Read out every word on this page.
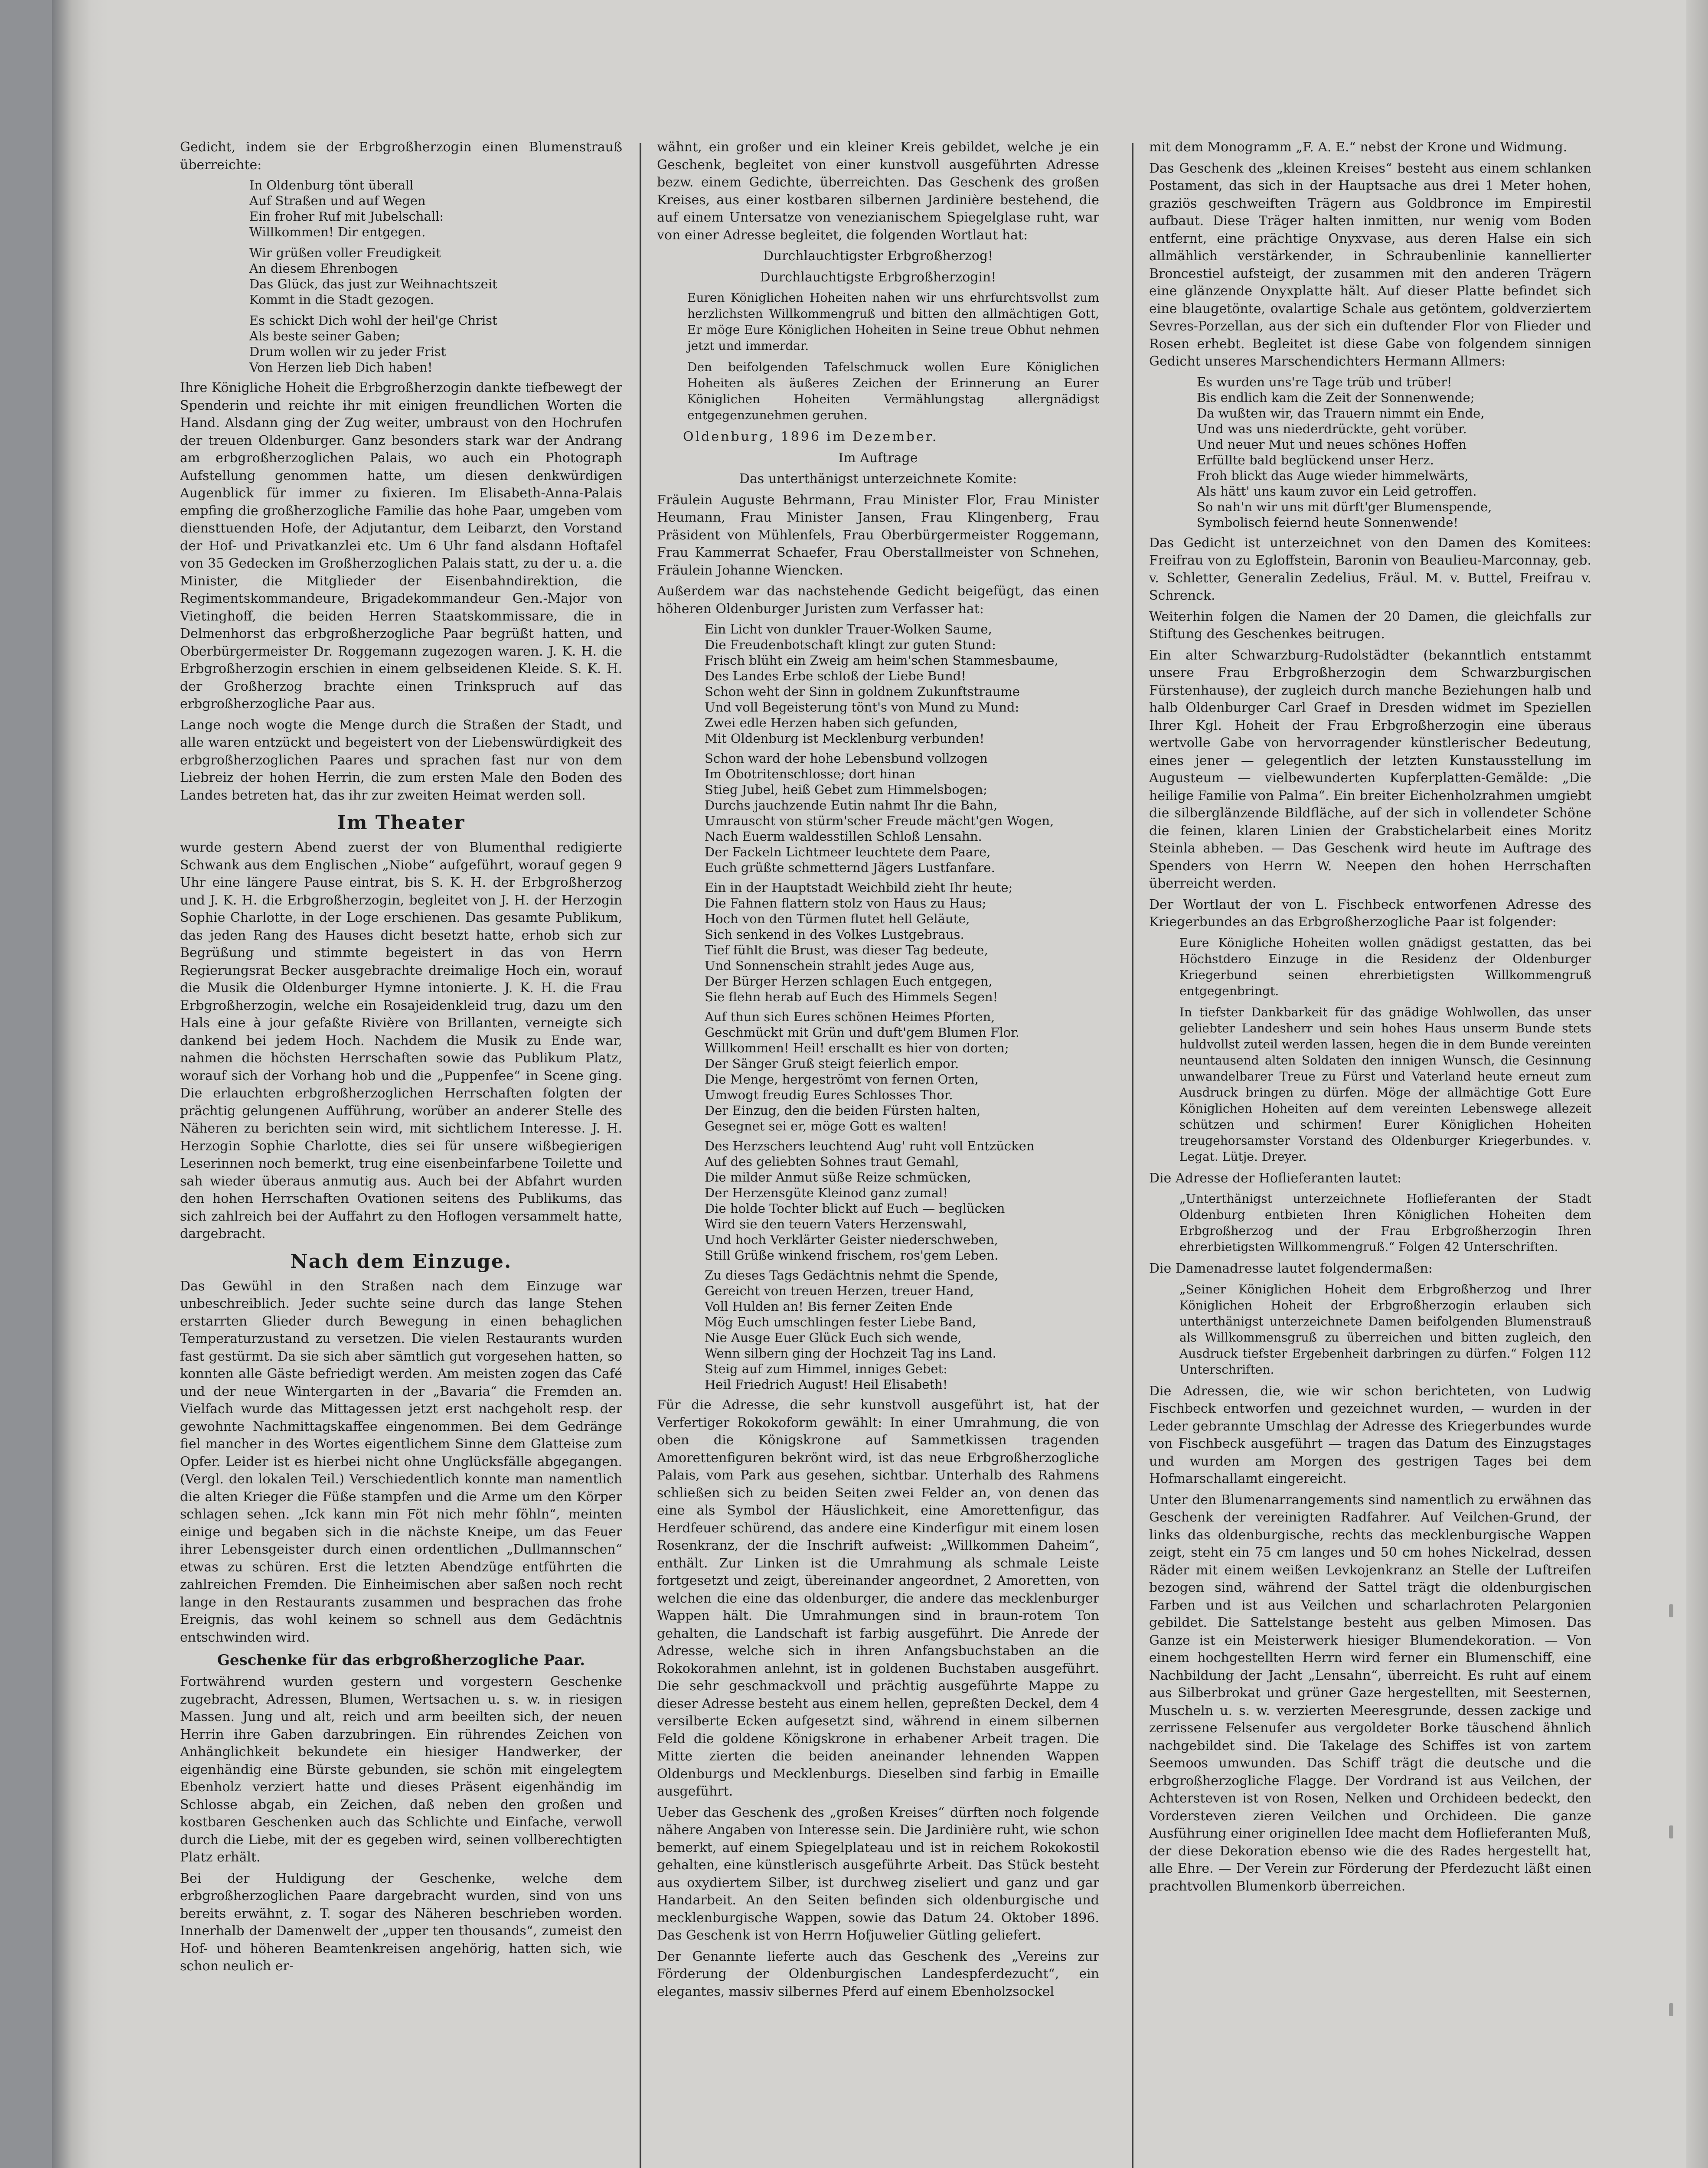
Gedicht, indem sie der Erbgroßherzogin einen Blumenstrauß überreichte:

In Oldenburg tönt überall
Auf Straßen und auf Wegen
Ein froher Ruf mit Jubelschall:
Willkommen! Dir entgegen.
Wir grüßen voller Freudigkeit
An diesem Ehrenbogen
Das Glück, das just zur Weihnachtszeit
Kommt in die Stadt gezogen.
Es schickt Dich wohl der heil'ge Christ
Als beste seiner Gaben;
Drum wollen wir zu jeder Frist
Von Herzen lieb Dich haben!

Ihre Königliche Hoheit die Erbgroßherzogin dankte tiefbewegt der Spenderin und reichte ihr mit einigen freundlichen Worten die Hand. Alsdann ging der Zug weiter, umbraust von den Hochrufen der treuen Oldenburger. Ganz besonders stark war der Andrang am erbgroßherzoglichen Palais, wo auch ein Photograph Aufstellung genommen hatte, um diesen denkwürdigen Augenblick für immer zu fixieren. Im Elisabeth-Anna-Palais empfing die großherzogliche Familie das hohe Paar, umgeben vom diensttuenden Hofe, der Adjutantur, dem Leibarzt, den Vorstand der Hof- und Privatkanzlei etc. Um 6 Uhr fand alsdann Hoftafel von 35 Gedecken im Großherzoglichen Palais statt, zu der u. a. die Minister, die Mitglieder der Eisenbahndirektion, die Regimentskommandeure, Brigadekommandeur Gen.-Major von Vietinghoff, die beiden Herren Staatskommissare, die in Delmenhorst das erbgroßherzogliche Paar begrüßt hatten, und Oberbürgermeister Dr. Roggemann zugezogen waren. J. K. H. die Erbgroßherzogin erschien in einem gelbseidenen Kleide. S. K. H. der Großherzog brachte einen Trinkspruch auf das erbgroßherzogliche Paar aus.

Lange noch wogte die Menge durch die Straßen der Stadt, und alle waren entzückt und begeistert von der Liebenswürdigkeit des erbgroßherzoglichen Paares und sprachen fast nur von dem Liebreiz der hohen Herrin, die zum ersten Male den Boden des Landes betreten hat, das ihr zur zweiten Heimat werden soll.

Im Theater

wurde gestern Abend zuerst der von Blumenthal redigierte Schwank aus dem Englischen „Niobe“ aufgeführt, worauf gegen 9 Uhr eine längere Pause eintrat, bis S. K. H. der Erbgroßherzog und J. K. H. die Erbgroßherzogin, begleitet von J. H. der Herzogin Sophie Charlotte, in der Loge erschienen. Das gesamte Publikum, das jeden Rang des Hauses dicht besetzt hatte, erhob sich zur Begrüßung und stimmte begeistert in das von Herrn Regierungsrat Becker ausgebrachte dreimalige Hoch ein, worauf die Musik die Oldenburger Hymne intonierte. J. K. H. die Frau Erbgroßherzogin, welche ein Rosajeidenkleid trug, dazu um den Hals eine à jour gefaßte Rivière von Brillanten, verneigte sich dankend bei jedem Hoch. Nachdem die Musik zu Ende war, nahmen die höchsten Herrschaften sowie das Publikum Platz, worauf sich der Vorhang hob und die „Puppenfee“ in Scene ging. Die erlauchten erbgroßherzoglichen Herrschaften folgten der prächtig gelungenen Aufführung, worüber an anderer Stelle des Näheren zu berichten sein wird, mit sichtlichem Interesse. J. H. Herzogin Sophie Charlotte, dies sei für unsere wißbegierigen Leserinnen noch bemerkt, trug eine eisenbeinfarbene Toilette und sah wieder überaus anmutig aus. Auch bei der Abfahrt wurden den hohen Herrschaften Ovationen seitens des Publikums, das sich zahlreich bei der Auffahrt zu den Hoflogen versammelt hatte, dargebracht.

Nach dem Einzuge.

Das Gewühl in den Straßen nach dem Einzuge war unbeschreiblich. Jeder suchte seine durch das lange Stehen erstarrten Glieder durch Bewegung in einen behaglichen Temperaturzustand zu versetzen. Die vielen Restaurants wurden fast gestürmt. Da sie sich aber sämtlich gut vorgesehen hatten, so konnten alle Gäste befriedigt werden. Am meisten zogen das Café und der neue Wintergarten in der „Bavaria“ die Fremden an. Vielfach wurde das Mittagessen jetzt erst nachgeholt resp. der gewohnte Nachmittagskaffee eingenommen. Bei dem Gedränge fiel mancher in des Wortes eigentlichem Sinne dem Glatteise zum Opfer. Leider ist es hierbei nicht ohne Unglücksfälle abgegangen. (Vergl. den lokalen Teil.) Verschiedentlich konnte man namentlich die alten Krieger die Füße stampfen und die Arme um den Körper schlagen sehen. „Ick kann min Föt nich mehr föhln“, meinten einige und begaben sich in die nächste Kneipe, um das Feuer ihrer Lebensgeister durch einen ordentlichen „Dullmannschen“ etwas zu schüren. Erst die letzten Abendzüge entführten die zahlreichen Fremden. Die Einheimischen aber saßen noch recht lange in den Restaurants zusammen und besprachen das frohe Ereignis, das wohl keinem so schnell aus dem Gedächtnis entschwinden wird.

Geschenke für das erbgroßherzogliche Paar.

Fortwährend wurden gestern und vorgestern Geschenke zugebracht, Adressen, Blumen, Wertsachen u. s. w. in riesigen Massen. Jung und alt, reich und arm beeilten sich, der neuen Herrin ihre Gaben darzubringen. Ein rührendes Zeichen von Anhänglichkeit bekundete ein hiesiger Handwerker, der eigenhändig eine Bürste gebunden, sie schön mit eingelegtem Ebenholz verziert hatte und dieses Präsent eigenhändig im Schlosse abgab, ein Zeichen, daß neben den großen und kostbaren Geschenken auch das Schlichte und Einfache, verwoll durch die Liebe, mit der es gegeben wird, seinen vollberechtigten Platz erhält.

Bei der Huldigung der Geschenke, welche dem erbgroßherzoglichen Paare dargebracht wurden, sind von uns bereits erwähnt, z. T. sogar des Näheren beschrieben worden. Innerhalb der Damenwelt der „upper ten thousands“, zumeist den Hof- und höheren Beamtenkreisen angehörig, hatten sich, wie schon neulich er-

wähnt, ein großer und ein kleiner Kreis gebildet, welche je ein Geschenk, begleitet von einer kunstvoll ausgeführten Adresse bezw. einem Gedichte, überreichten. Das Geschenk des großen Kreises, aus einer kostbaren silbernen Jardinière bestehend, die auf einem Untersatze von venezianischem Spiegelglase ruht, war von einer Adresse begleitet, die folgenden Wortlaut hat:

Durchlauchtigster Erbgroßherzog!

Durchlauchtigste Erbgroßherzogin!

Euren Königlichen Hoheiten nahen wir uns ehrfurchtsvollst zum herzlichsten Willkommengruß und bitten den allmächtigen Gott, Er möge Eure Königlichen Hoheiten in Seine treue Obhut nehmen jetzt und immerdar.

Den beifolgenden Tafelschmuck wollen Eure Königlichen Hoheiten als äußeres Zeichen der Erinnerung an Eurer Königlichen Hoheiten Vermählungstag allergnädigst entgegenzunehmen geruhen.

Oldenburg, 1896 im Dezember.

Im Auftrage

Das unterthänigst unterzeichnete Komite:

Fräulein Auguste Behrmann, Frau Minister Flor, Frau Minister Heumann, Frau Minister Jansen, Frau Klingenberg, Frau Präsident von Mühlenfels, Frau Oberbürgermeister Roggemann, Frau Kammerrat Schaefer, Frau Oberstallmeister von Schnehen, Fräulein Johanne Wiencken.

Außerdem war das nachstehende Gedicht beigefügt, das einen höheren Oldenburger Juristen zum Verfasser hat:

Ein Licht von dunkler Trauer-Wolken Saume,
Die Freudenbotschaft klingt zur guten Stund:
Frisch blüht ein Zweig am heim'schen Stammesbaume,
Des Landes Erbe schloß der Liebe Bund!
Schon weht der Sinn in goldnem Zukunftstraume
Und voll Begeisterung tönt's von Mund zu Mund:
Zwei edle Herzen haben sich gefunden,
Mit Oldenburg ist Mecklenburg verbunden!
Schon ward der hohe Lebensbund vollzogen
Im Obotritenschlosse; dort hinan
Stieg Jubel, heiß Gebet zum Himmelsbogen;
Durchs jauchzende Eutin nahmt Ihr die Bahn,
Umrauscht von stürm'scher Freude mächt'gen Wogen,
Nach Euerm waldesstillen Schloß Lensahn.
Der Fackeln Lichtmeer leuchtete dem Paare,
Euch grüßte schmetternd Jägers Lustfanfare.
Ein in der Hauptstadt Weichbild zieht Ihr heute;
Die Fahnen flattern stolz von Haus zu Haus;
Hoch von den Türmen flutet hell Geläute,
Sich senkend in des Volkes Lustgebraus.
Tief fühlt die Brust, was dieser Tag bedeute,
Und Sonnenschein strahlt jedes Auge aus,
Der Bürger Herzen schlagen Euch entgegen,
Sie flehn herab auf Euch des Himmels Segen!
Auf thun sich Eures schönen Heimes Pforten,
Geschmückt mit Grün und duft'gem Blumen Flor.
Willkommen! Heil! erschallt es hier von dorten;
Der Sänger Gruß steigt feierlich empor.
Die Menge, hergeströmt von fernen Orten,
Umwogt freudig Eures Schlosses Thor.
Der Einzug, den die beiden Fürsten halten,
Gesegnet sei er, möge Gott es walten!
Des Herzschers leuchtend Aug' ruht voll Entzücken
Auf des geliebten Sohnes traut Gemahl,
Die milder Anmut süße Reize schmücken,
Der Herzensgüte Kleinod ganz zumal!
Die holde Tochter blickt auf Euch — beglücken
Wird sie den teuern Vaters Herzenswahl,
Und hoch Verklärter Geister niederschweben,
Still Grüße winkend frischem, ros'gem Leben.
Zu dieses Tags Gedächtnis nehmt die Spende,
Gereicht von treuen Herzen, treuer Hand,
Voll Hulden an! Bis ferner Zeiten Ende
Mög Euch umschlingen fester Liebe Band,
Nie Ausge Euer Glück Euch sich wende,
Wenn silbern ging der Hochzeit Tag ins Land.
Steig auf zum Himmel, inniges Gebet:
Heil Friedrich August! Heil Elisabeth!

Für die Adresse, die sehr kunstvoll ausgeführt ist, hat der Verfertiger Rokokoform gewählt: In einer Umrahmung, die von oben die Königskrone auf Sammetkissen tragenden Amorettenfiguren bekrönt wird, ist das neue Erbgroßherzogliche Palais, vom Park aus gesehen, sichtbar. Unterhalb des Rahmens schließen sich zu beiden Seiten zwei Felder an, von denen das eine als Symbol der Häuslichkeit, eine Amorettenfigur, das Herdfeuer schürend, das andere eine Kinderfigur mit einem losen Rosenkranz, der die Inschrift aufweist: „Willkommen Daheim“, enthält. Zur Linken ist die Umrahmung als schmale Leiste fortgesetzt und zeigt, übereinander angeordnet, 2 Amoretten, von welchen die eine das oldenburger, die andere das mecklenburger Wappen hält. Die Umrahmungen sind in braun-rotem Ton gehalten, die Landschaft ist farbig ausgeführt. Die Anrede der Adresse, welche sich in ihren Anfangsbuchstaben an die Rokokorahmen anlehnt, ist in goldenen Buchstaben ausgeführt. Die sehr geschmackvoll und prächtig ausgeführte Mappe zu dieser Adresse besteht aus einem hellen, gepreßten Deckel, dem 4 versilberte Ecken aufgesetzt sind, während in einem silbernen Feld die goldene Königskrone in erhabener Arbeit tragen. Die Mitte zierten die beiden aneinander lehnenden Wappen Oldenburgs und Mecklenburgs. Dieselben sind farbig in Emaille ausgeführt.

Ueber das Geschenk des „großen Kreises“ dürften noch folgende nähere Angaben von Interesse sein. Die Jardinière ruht, wie schon bemerkt, auf einem Spiegelplateau und ist in reichem Rokokostil gehalten, eine künstlerisch ausgeführte Arbeit. Das Stück besteht aus oxydiertem Silber, ist durchweg ziseliert und ganz und gar Handarbeit. An den Seiten befinden sich oldenburgische und mecklenburgische Wappen, sowie das Datum 24. Oktober 1896. Das Geschenk ist von Herrn Hofjuwelier Gütling geliefert.

Der Genannte lieferte auch das Geschenk des „Vereins zur Förderung der Oldenburgischen Landespferdezucht“, ein elegantes, massiv silbernes Pferd auf einem Ebenholzsockel

mit dem Monogramm „F. A. E.“ nebst der Krone und Widmung.

Das Geschenk des „kleinen Kreises“ besteht aus einem schlanken Postament, das sich in der Hauptsache aus drei 1 Meter hohen, graziös geschweiften Trägern aus Goldbronce im Empirestil aufbaut. Diese Träger halten inmitten, nur wenig vom Boden entfernt, eine prächtige Onyxvase, aus deren Halse ein sich allmählich verstärkender, in Schraubenlinie kannellierter Broncestiel aufsteigt, der zusammen mit den anderen Trägern eine glänzende Onyxplatte hält. Auf dieser Platte befindet sich eine blaugetönte, ovalartige Schale aus getöntem, goldverziertem Sevres-Porzellan, aus der sich ein duftender Flor von Flieder und Rosen erhebt. Begleitet ist diese Gabe von folgendem sinnigen Gedicht unseres Marschendichters Hermann Allmers:

Es wurden uns're Tage trüb und trüber!
Bis endlich kam die Zeit der Sonnenwende;
Da wußten wir, das Trauern nimmt ein Ende,
Und was uns niederdrückte, geht vorüber.
Und neuer Mut und neues schönes Hoffen
Erfüllte bald beglückend unser Herz.
Froh blickt das Auge wieder himmelwärts,
Als hätt' uns kaum zuvor ein Leid getroffen.
So nah'n wir uns mit dürft'ger Blumenspende,
Symbolisch feiernd heute Sonnenwende!

Das Gedicht ist unterzeichnet von den Damen des Komitees: Freifrau von zu Egloffstein, Baronin von Beaulieu-Marconnay, geb. v. Schletter, Generalin Zedelius, Fräul. M. v. Buttel, Freifrau v. Schrenck.

Weiterhin folgen die Namen der 20 Damen, die gleichfalls zur Stiftung des Geschenkes beitrugen.

Ein alter Schwarzburg-Rudolstädter (bekanntlich entstammt unsere Frau Erbgroßherzogin dem Schwarzburgischen Fürstenhause), der zugleich durch manche Beziehungen halb und halb Oldenburger Carl Graef in Dresden widmet im Speziellen Ihrer Kgl. Hoheit der Frau Erbgroßherzogin eine überaus wertvolle Gabe von hervorragender künstlerischer Bedeutung, eines jener — gelegentlich der letzten Kunstausstellung im Augusteum — vielbewunderten Kupferplatten-Gemälde: „Die heilige Familie von Palma“. Ein breiter Eichenholzrahmen umgiebt die silberglänzende Bildfläche, auf der sich in vollendeter Schöne die feinen, klaren Linien der Grabstichelarbeit eines Moritz Steinla abheben. — Das Geschenk wird heute im Auftrage des Spenders von Herrn W. Neepen den hohen Herrschaften überreicht werden.

Der Wortlaut der von L. Fischbeck entworfenen Adresse des Kriegerbundes an das Erbgroßherzogliche Paar ist folgender:

Eure Königliche Hoheiten wollen gnädigst gestatten, das bei Höchstdero Einzuge in die Residenz der Oldenburger Kriegerbund seinen ehrerbietigsten Willkommengruß entgegenbringt.

In tiefster Dankbarkeit für das gnädige Wohlwollen, das unser geliebter Landesherr und sein hohes Haus unserm Bunde stets huldvollst zuteil werden lassen, hegen die in dem Bunde vereinten neuntausend alten Soldaten den innigen Wunsch, die Gesinnung unwandelbarer Treue zu Fürst und Vaterland heute erneut zum Ausdruck bringen zu dürfen. Möge der allmächtige Gott Eure Königlichen Hoheiten auf dem vereinten Lebenswege allezeit schützen und schirmen! Eurer Königlichen Hoheiten treugehorsamster Vorstand des Oldenburger Kriegerbundes. v. Legat. Lütje. Dreyer.

Die Adresse der Hoflieferanten lautet:

„Unterthänigst unterzeichnete Hoflieferanten der Stadt Oldenburg entbieten Ihren Königlichen Hoheiten dem Erbgroßherzog und der Frau Erbgroßherzogin Ihren ehrerbietigsten Willkommengruß.“ Folgen 42 Unterschriften.

Die Damenadresse lautet folgendermaßen:

„Seiner Königlichen Hoheit dem Erbgroßherzog und Ihrer Königlichen Hoheit der Erbgroßherzogin erlauben sich unterthänigst unterzeichnete Damen beifolgenden Blumenstrauß als Willkommensgruß zu überreichen und bitten zugleich, den Ausdruck tiefster Ergebenheit darbringen zu dürfen.“ Folgen 112 Unterschriften.

Die Adressen, die, wie wir schon berichteten, von Ludwig Fischbeck entworfen und gezeichnet wurden, — wurden in der Leder gebrannte Umschlag der Adresse des Kriegerbundes wurde von Fischbeck ausgeführt — tragen das Datum des Einzugstages und wurden am Morgen des gestrigen Tages bei dem Hofmarschallamt eingereicht.

Unter den Blumenarrangements sind namentlich zu erwähnen das Geschenk der vereinigten Radfahrer. Auf Veilchen-Grund, der links das oldenburgische, rechts das mecklenburgische Wappen zeigt, steht ein 75 cm langes und 50 cm hohes Nickelrad, dessen Räder mit einem weißen Levkojenkranz an Stelle der Luftreifen bezogen sind, während der Sattel trägt die oldenburgischen Farben und ist aus Veilchen und scharlachroten Pelargonien gebildet. Die Sattelstange besteht aus gelben Mimosen. Das Ganze ist ein Meisterwerk hiesiger Blumendekoration. — Von einem hochgestellten Herrn wird ferner ein Blumenschiff, eine Nachbildung der Jacht „Lensahn“, überreicht. Es ruht auf einem aus Silberbrokat und grüner Gaze hergestellten, mit Seesternen, Muscheln u. s. w. verzierten Meeresgrunde, dessen zackige und zerrissene Felsenufer aus vergoldeter Borke täuschend ähnlich nachgebildet sind. Die Takelage des Schiffes ist von zartem Seemoos umwunden. Das Schiff trägt die deutsche und die erbgroßherzogliche Flagge. Der Vordrand ist aus Veilchen, der Achtersteven ist von Rosen, Nelken und Orchideen bedeckt, den Vordersteven zieren Veilchen und Orchideen. Die ganze Ausführung einer originellen Idee macht dem Hoflieferanten Muß, der diese Dekoration ebenso wie die des Rades hergestellt hat, alle Ehre. — Der Verein zur Förderung der Pferdezucht läßt einen prachtvollen Blumenkorb überreichen.
